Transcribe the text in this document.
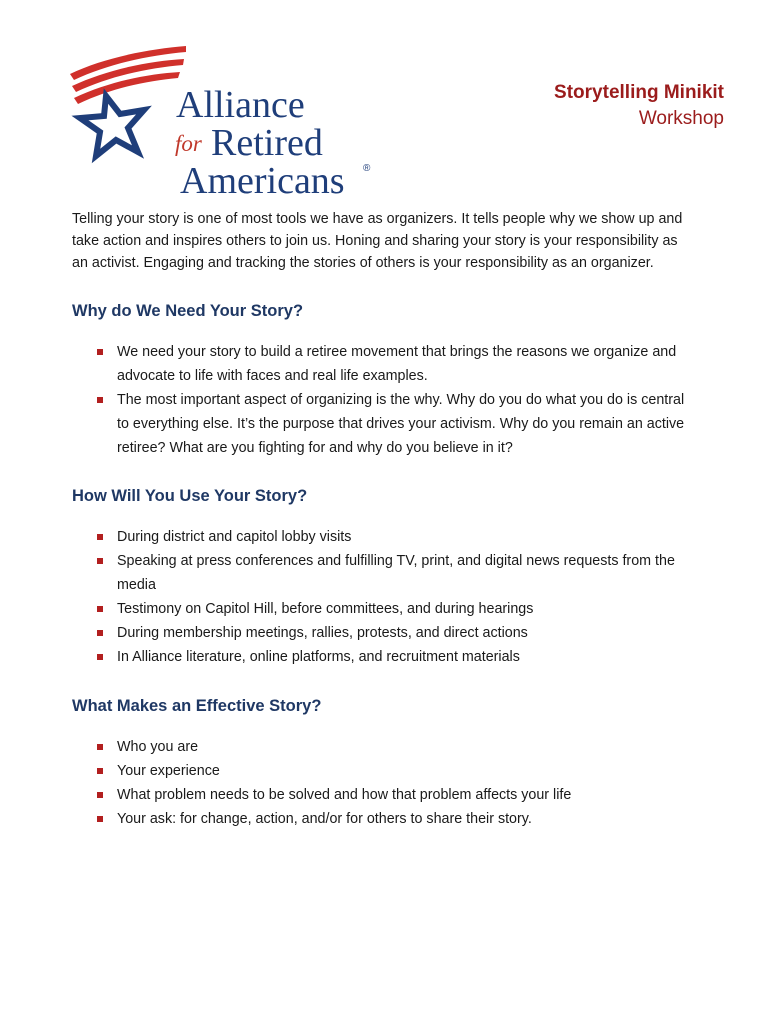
Alliance
for Retired
Americans ®
Storytelling Minikit
Workshop

Telling your story is one of most tools we have as organizers. It tells people why we show up and take action and inspires others to join us. Honing and sharing your story is your responsibility as an activist. Engaging and tracking the stories of others is your responsibility as an organizer.

Why do We Need Your Story?
We need your story to build a retiree movement that brings the reasons we organize and advocate to life with faces and real life examples.
The most important aspect of organizing is the why. Why do you do what you do is central to everything else. It’s the purpose that drives your activism. Why do you remain an active retiree? What are you fighting for and why do you believe in it?
How Will You Use Your Story?
During district and capitol lobby visits
Speaking at press conferences and fulfilling TV, print, and digital news requests from the media
Testimony on Capitol Hill, before committees, and during hearings
During membership meetings, rallies, protests, and direct actions
In Alliance literature, online platforms, and recruitment materials
What Makes an Effective Story?
Who you are
Your experience
What problem needs to be solved and how that problem affects your life
Your ask: for change, action, and/or for others to share their story.
